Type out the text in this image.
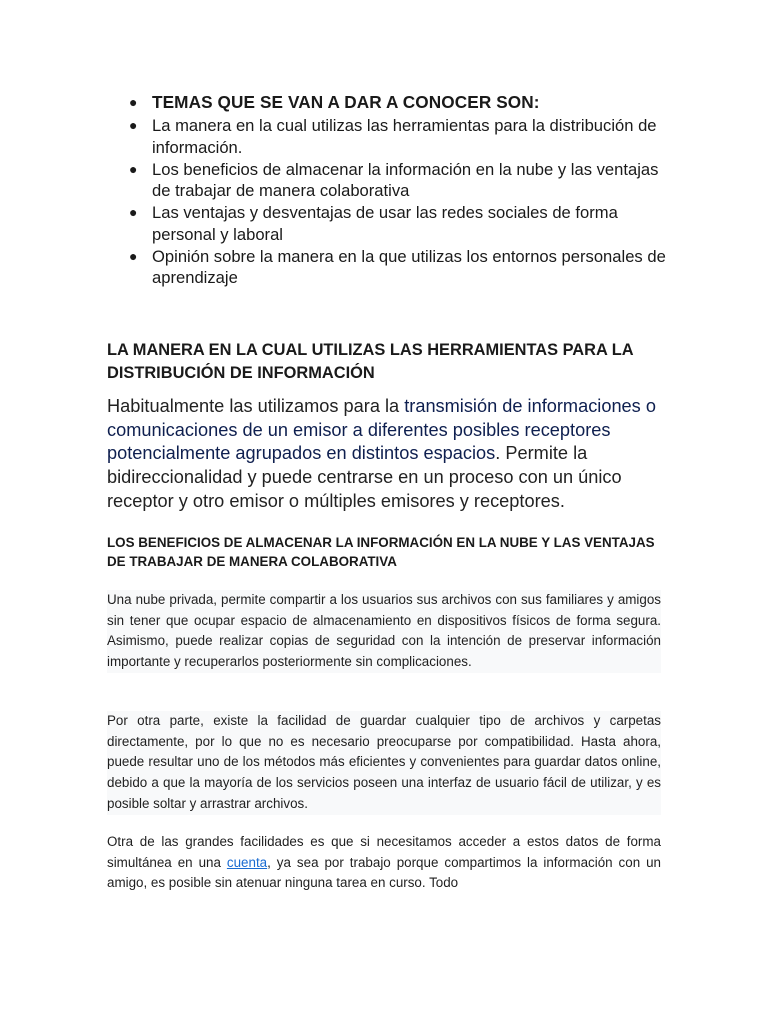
● TEMAS QUE SE VAN A DAR A CONOCER SON:
● La manera en la cual utilizas las herramientas para la distribución de información.
● Los beneficios de almacenar la información en la nube y las ventajas de trabajar de manera colaborativa
● Las ventajas y desventajas de usar las redes sociales de forma personal y laboral
● Opinión sobre la manera en la que utilizas los entornos personales de aprendizaje
LA MANERA EN LA CUAL UTILIZAS LAS HERRAMIENTAS PARA LA DISTRIBUCIÓN DE INFORMACIÓN

Habitualmente las utilizamos para la transmisión de informaciones o comunicaciones de un emisor a diferentes posibles receptores potencialmente agrupados en distintos espacios. Permite la bidireccionalidad y puede centrarse en un proceso con un único receptor y otro emisor o múltiples emisores y receptores.

LOS BENEFICIOS DE ALMACENAR LA INFORMACIÓN EN LA NUBE Y LAS VENTAJAS DE TRABAJAR DE MANERA COLABORATIVA

Una nube privada, permite compartir a los usuarios sus archivos con sus familiares y amigos sin tener que ocupar espacio de almacenamiento en dispositivos físicos de forma segura. Asimismo, puede realizar copias de seguridad con la intención de preservar información importante y recuperarlos posteriormente sin complicaciones.

Por otra parte, existe la facilidad de guardar cualquier tipo de archivos y carpetas directamente, por lo que no es necesario preocuparse por compatibilidad. Hasta ahora, puede resultar uno de los métodos más eficientes y convenientes para guardar datos online, debido a que la mayoría de los servicios poseen una interfaz de usuario fácil de utilizar, y es posible soltar y arrastrar archivos.

Otra de las grandes facilidades es que si necesitamos acceder a estos datos de forma simultánea en una cuenta, ya sea por trabajo porque compartimos la información con un amigo, es posible sin atenuar ninguna tarea en curso. Todo
